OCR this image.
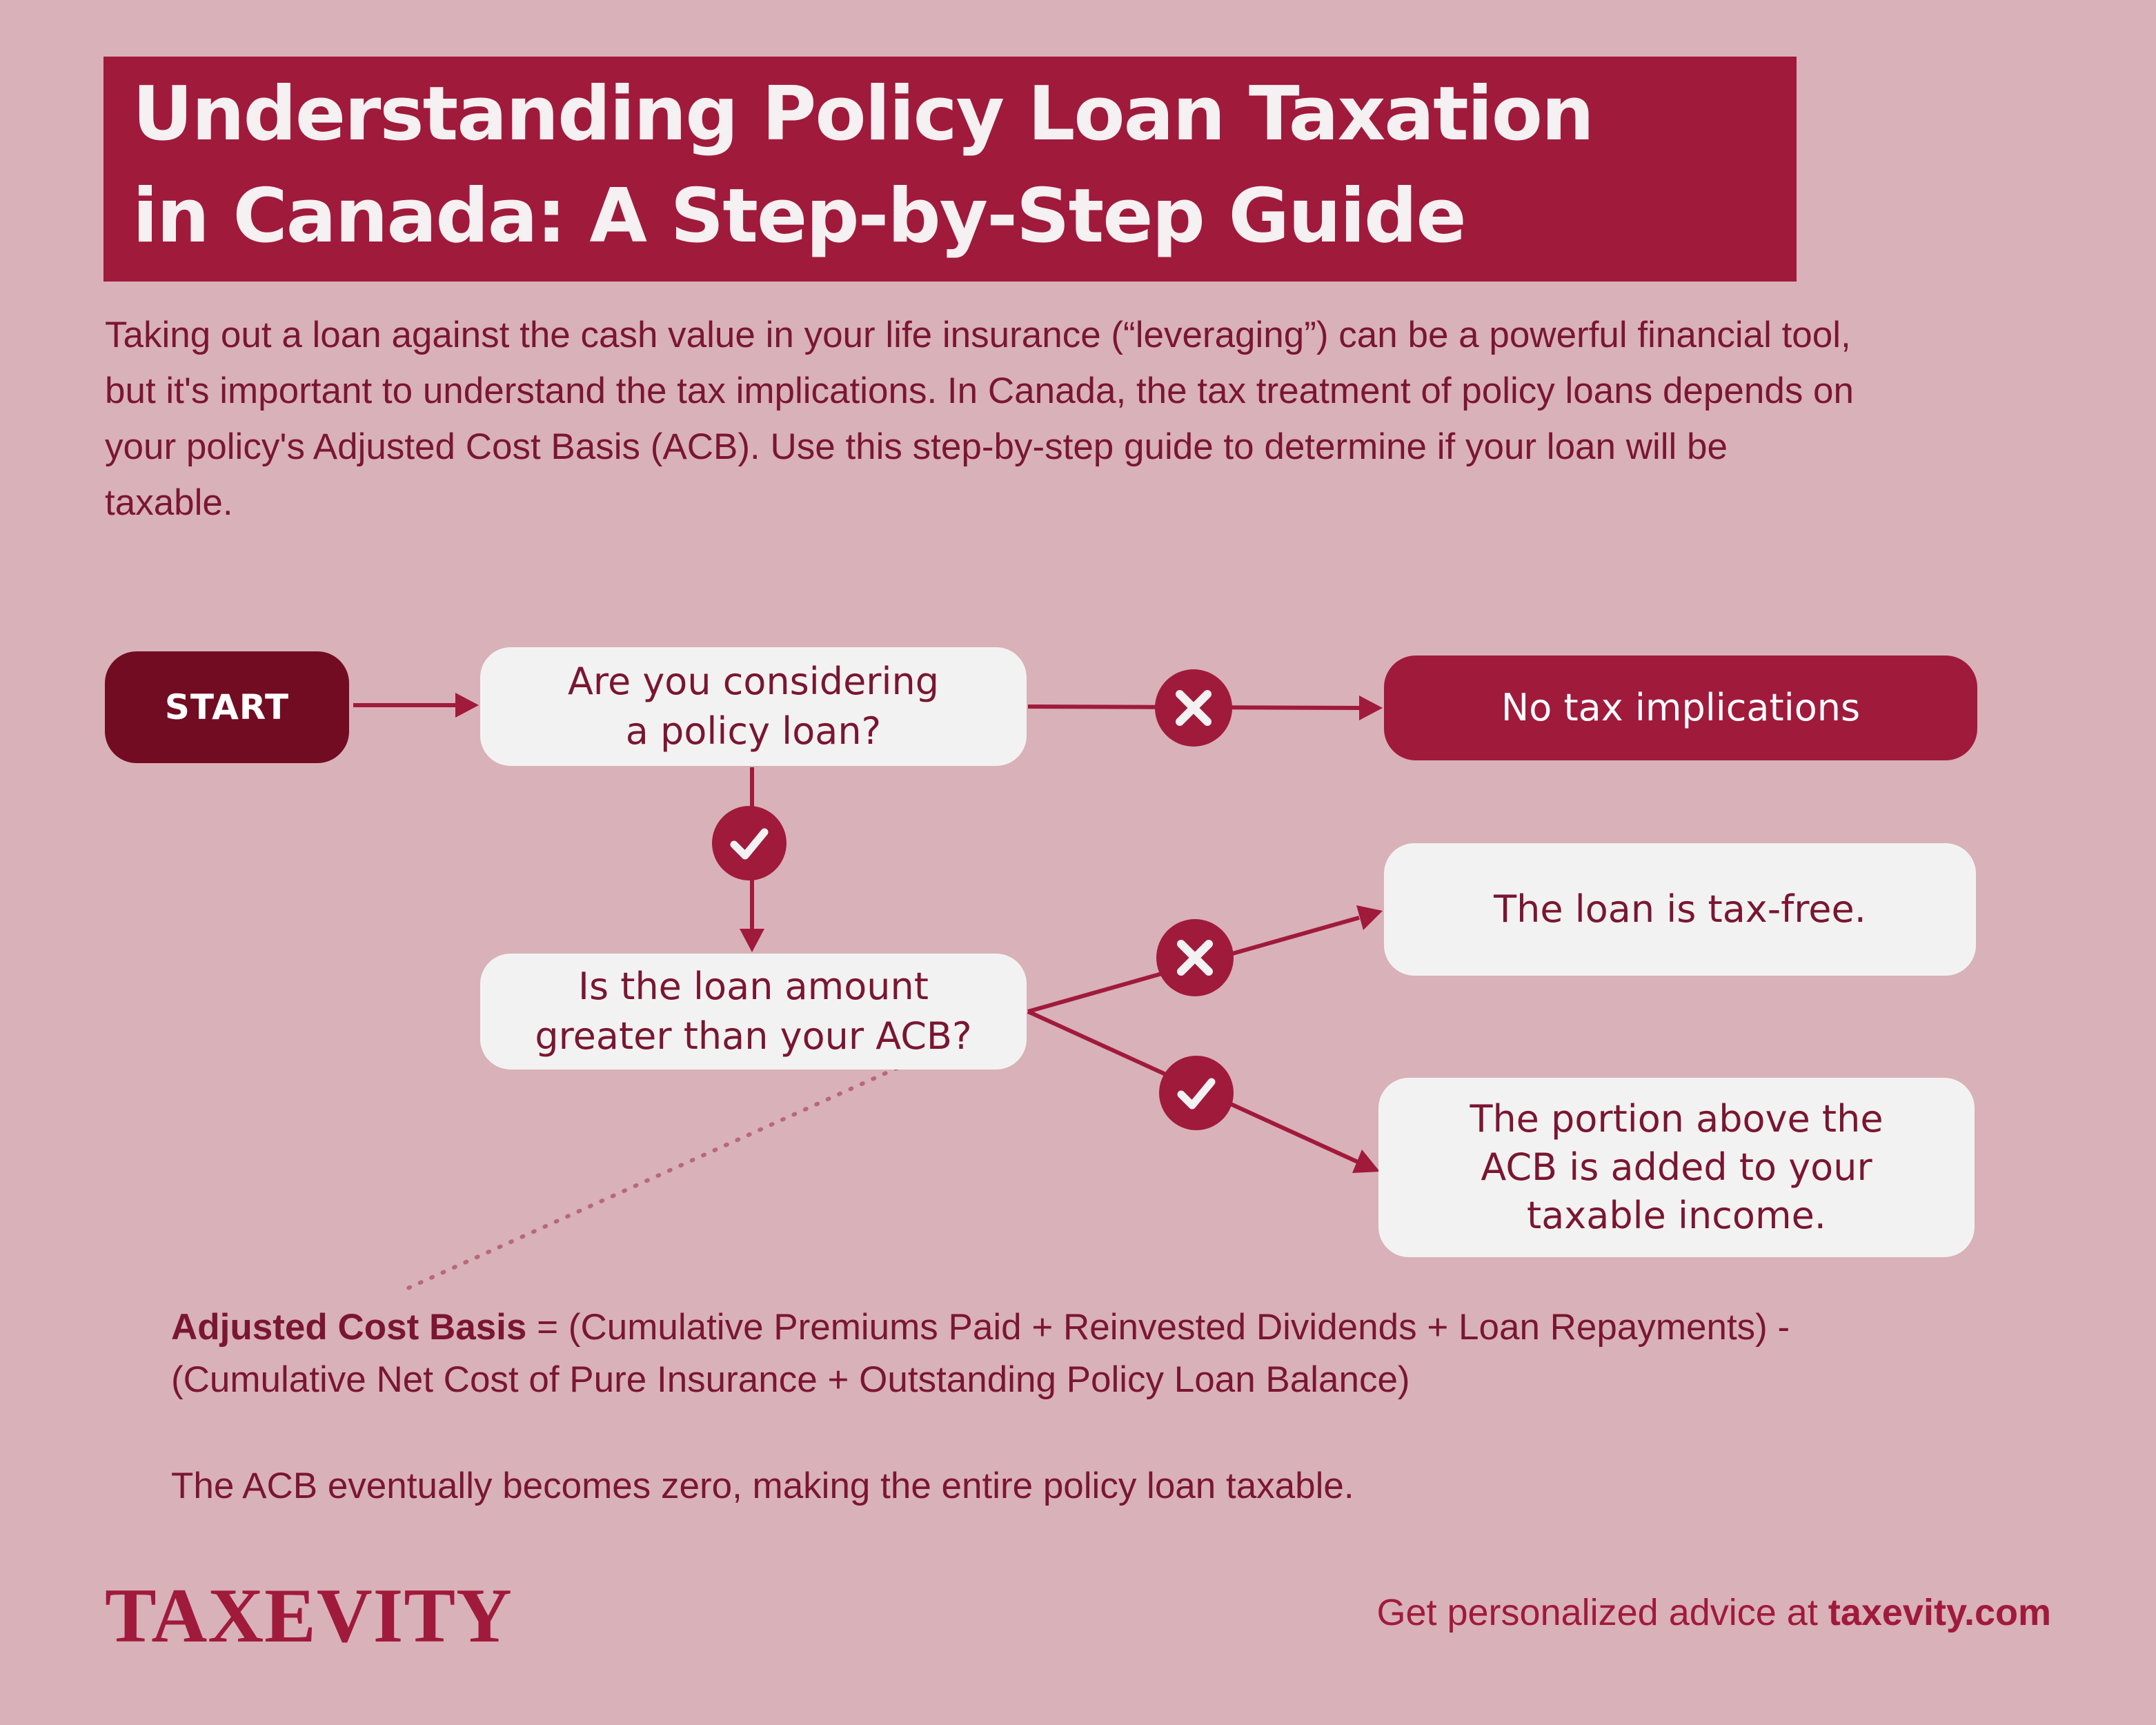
Understanding Policy Loan Taxation
in Canada: A Step-by-Step Guide

Taking out a loan against the cash value in your life insurance (“leveraging”) can be a powerful financial tool, but it's important to understand the tax implications. In Canada, the tax treatment of policy loans depends on your policy's Adjusted Cost Basis (ACB). Use this step-by-step guide to determine if your loan will be taxable.

START
Are you considering
a policy loan?
No tax implications
Is the loan amount
greater than your ACB?
The loan is tax-free.
The portion above the
ACB is added to your
taxable income.

Adjusted Cost Basis = (Cumulative Premiums Paid + Reinvested Dividends + Loan Repayments) - (Cumulative Net Cost of Pure Insurance + Outstanding Policy Loan Balance)

The ACB eventually becomes zero, making the entire policy loan taxable.

TAXEVITY	Get personalized advice at taxevity.com
